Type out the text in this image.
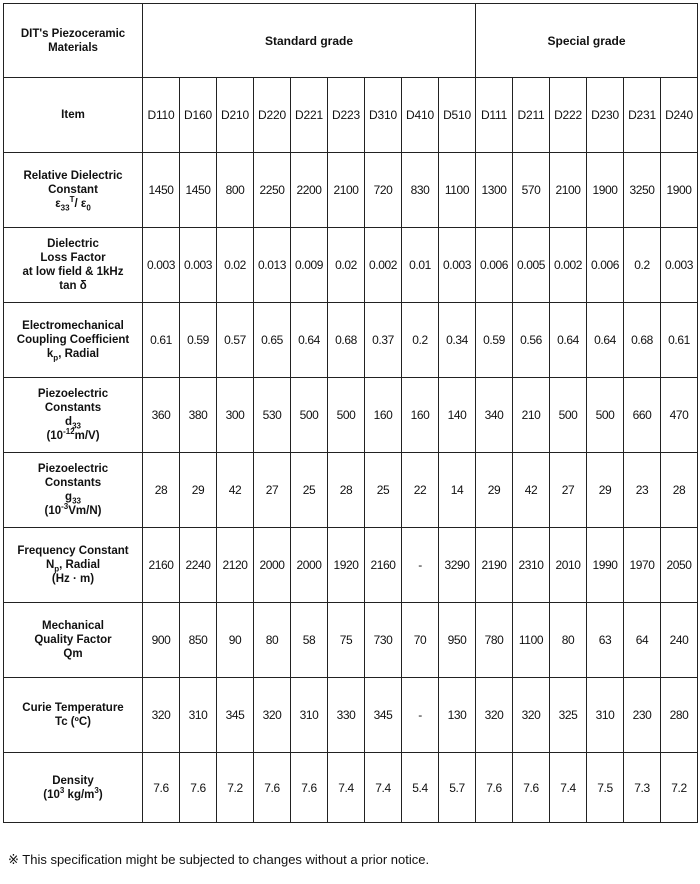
DIT's Piezoceramic
Materials	Standard grade									Special grade					
Item	D110	D160	D210	D220	D221	D223	D310	D410	D510	D111	D211	D222	D230	D231	D240

Relative Dielectric
Constant
$\varepsilon_{33}^T/$ $\varepsilon_0$	1450	1450	800	2250	2200	2100	720	830	1100	1300	570	2100	1900	3250	1900

Dielectric
Loss Factor
at low field & 1kHz
tan δ	0.003	0.003	0.02	0.013	0.009	0.02	0.002	0.01	0.003	0.006	0.005	0.002	0.006	0.2	0.003

Electromechanical
Coupling Coefficient
$k_p$, Radial	0.61	0.59	0.57	0.65	0.64	0.68	0.37	0.2	0.34	0.59	0.56	0.64	0.64	0.68	0.61

Piezoelectric
Constants
$d_{33}$
$(10^{-12}m/V)$	360	380	300	530	500	500	160	160	140	340	210	500	500	660	470

Piezoelectric
Constants
$g_{33}$
$(10^{-3}Vm/N)$	28	29	42	27	25	28	25	22	14	29	42	27	29	23	28

Frequency Constant
$N_p$, Radial
(Hz · m)	2160	2240	2120	2000	2000	1920	2160	-	3290	2190	2310	2010	1990	1970	2050

Mechanical
Quality Factor
Qm	900	850	90	80	58	75	730	70	950	780	1100	80	63	64	240

Curie Temperature
Tc (ºC)	320	310	345	320	310	330	345	-	130	320	320	325	310	230	280

Density
($10^3$ $kg/m^3$)	7.6	7.6	7.2	7.6	7.6	7.4	7.4	5.4	5.7	7.6	7.6	7.4	7.5	7.3	7.2
※ This specification might be subjected to changes without a prior notice.
